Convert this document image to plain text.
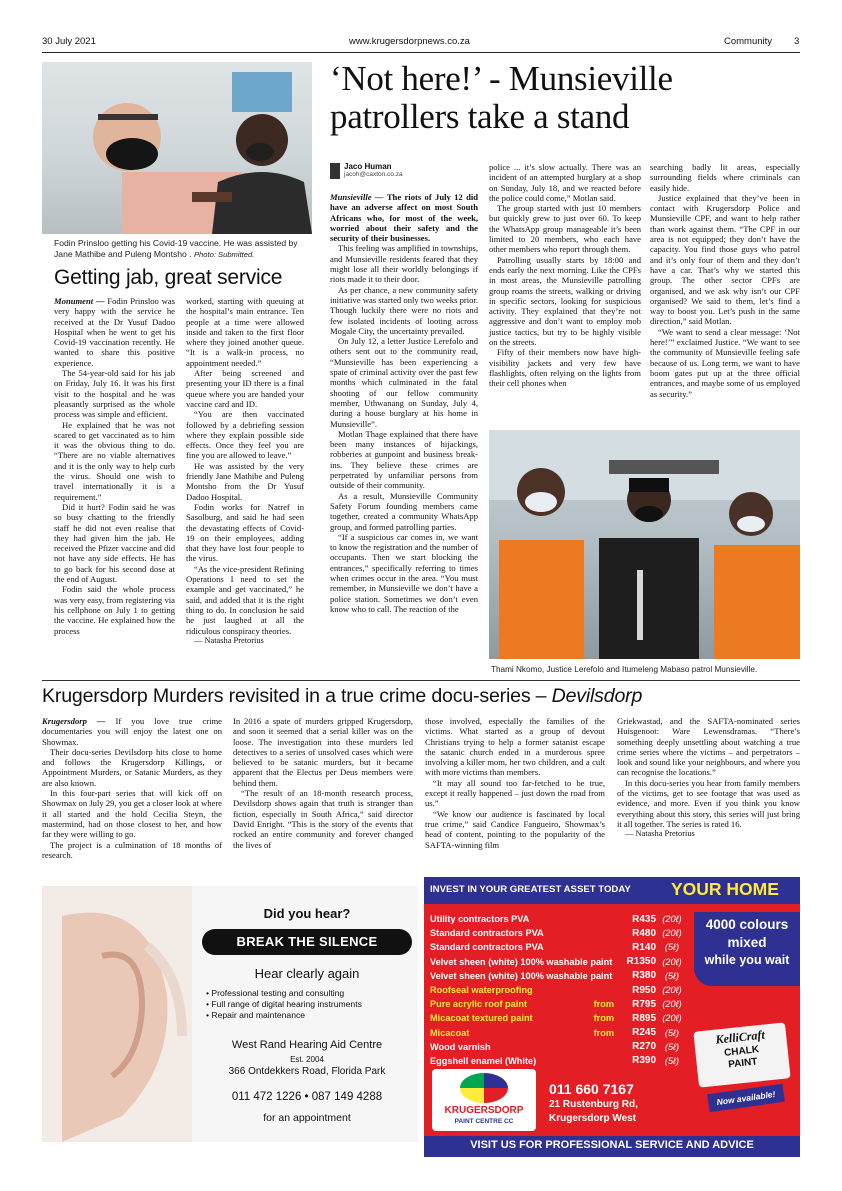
30 July 2021	www.krugersdorpnews.co.za	Community 3
Fodin Prinsloo getting his Covid-19 vaccine. He was assisted by Jane Mathibe and Puleng Montsho . Photo: Submitted.
Getting jab, great service

Monument — Fodin Prinsloo was very happy with the service he received at the Dr Yusuf Dadoo Hospital when he went to get his Covid-19 vaccination recently. He wanted to share this positive experience.

The 54-year-old said for his jab on Friday, July 16. It was his first visit to the hospital and he was pleasantly surprised as the whole process was simple and efficient.

He explained that he was not scared to get vaccinated as to him it was the obvious thing to do. “There are no viable alternatives and it is the only way to help curb the virus. Should one wish to travel internationally it is a requirement.”

Did it hurt? Fodin said he was so busy chatting to the friendly staff he did not even realise that they had given him the jab. He received the Pfizer vaccine and did not have any side effects. He has to go back for his second dose at the end of August.

Fodin said the whole process was very easy, from registering via his cellphone on July 1 to getting the vaccine. He explained how the process

worked, starting with queuing at the hospital’s main entrance. Ten people at a time were allowed inside and taken to the first floor where they joined another queue. “It is a walk-in process, no appointment needed.”

After being screened and presenting your ID there is a final queue where you are handed your vaccine card and ID.

“You are then vaccinated followed by a debriefing session where they explain possible side effects. Once they feel you are fine you are allowed to leave.”

He was assisted by the very friendly Jane Mathibe and Puleng Montsho from the Dr Yusuf Dadoo Hospital.

Fodin works for Natref in Sasolburg, and said he had seen the devastating effects of Covid-19 on their employees, adding that they have lost four people to the virus.

“As the vice-president Refining Operations I need to set the example and get vaccinated,” he said, and added that it is the right thing to do. In conclusion he said he just laughed at all the ridiculous conspiracy theories.

— Natasha Pretorius
‘Not here!’ - Munsieville patrollers take a stand
Jaco Human
jacoh@caxton.co.za

Munsieville — The riots of July 12 did have an adverse affect on most South Africans who, for most of the week, worried about their safety and the security of their businesses.

This feeling was amplified in townships, and Munsieville residents feared that they might lose all their worldly belongings if riots made it to their door.

As per chance, a new community safety initiative was started only two weeks prior. Though luckily there were no riots and few isolated incidents of looting across Mogale City, the uncertainty prevailed.

On July 12, a letter Justice Lerefolo and others sent out to the community read, “Munsieville has been experiencing a spate of criminal activity over the past few months which culminated in the fatal shooting of our fellow community member, Uthwanang on Sunday, July 4, during a house burglary at his home in Munsieville”.

Motlan Thage explained that there have been many instances of hijackings, robberies at gunpoint and business break-ins. They believe these crimes are perpetrated by unfamiliar persons from outside of their community.

As a result, Munsieville Community Safety Forum founding members came together, created a community WhatsApp group, and formed patrolling parties.

“If a suspicious car comes in, we want to know the registration and the number of occupants. Then we start blocking the entrances,” specifically referring to times when crimes occur in the area. “You must remember, in Munsieville we don’t have a police station. Sometimes we don’t even know who to call. The reaction of the

police ... it’s slow actually. There was an incident of an attempted burglary at a shop on Sunday, July 18, and we reacted before the police could come,” Motlan said.

The group started with just 10 members but quickly grew to just over 60. To keep the WhatsApp group manageable it’s been limited to 20 members, who each have other members who report through them.

Patrolling usually starts by 18:00 and ends early the next morning. Like the CPFs in most areas, the Munsieville patrolling group roams the streets, walking or driving in specific sectors, looking for suspicious activity. They explained that they’re not aggressive and don’t want to employ mob justice tactics, but try to be highly visible on the streets.

Fifty of their members now have high-visibility jackets and very few have flashlights, often relying on the lights from their cell phones when

searching badly lit areas, especially surrounding fields where criminals can easily hide.

Justice explained that they’ve been in contact with Krugersdorp Police and Munsieville CPF, and want to help rather than work against them. “The CPF in our area is not equipped; they don’t have the capacity. You find those guys who patrol and it’s only four of them and they don’t have a car. That’s why we started this group. The other sector CPFs are organised, and we ask why isn’t our CPF organised? We said to them, let’s find a way to boost you. Let’s push in the same direction,” said Motlan.

“We want to send a clear message: ‘Not here!’” exclaimed Justice. “We want to see the community of Munsieville feeling safe because of us. Long term, we want to have boom gates put up at the three official entrances, and maybe some of us employed as security.”

Thami Nkomo, Justice Lerefolo and Itumeleng Mabaso patrol Munsieville.
Krugersdorp Murders revisited in a true crime docu-series – Devilsdorp

Krugersdorp — If you love true crime documentaries you will enjoy the latest one on Showmax.

Their docu-series Devilsdorp hits close to home and follows the Krugersdorp Killings, or Appointment Murders, or Satanic Murders, as they are also known.

In this four-part series that will kick off on Showmax on July 29, you get a closer look at where it all started and the hold Cecilia Steyn, the mastermind, had on those closest to her, and how far they were willing to go.

The project is a culmination of 18 months of research.

In 2016 a spate of murders gripped Krugersdorp, and soon it seemed that a serial killer was on the loose. The investigation into these murders led detectives to a series of unsolved cases which were believed to be satanic murders, but it became apparent that the Electus per Deus members were behind them.

“The result of an 18-month research process, Devilsdorp shows again that truth is stranger than fiction, especially in South Africa,” said director David Enright. “This is the story of the events that rocked an entire community and forever changed the lives of

those involved, especially the families of the victims. What started as a group of devout Christians trying to help a former satanist escape the satanic church ended in a murderous spree involving a killer mom, her two children, and a cult with more victims than members.

“It may all sound too far-fetched to be true, except it really happened – just down the road from us.”

“We know our audience is fascinated by local true crime,” said Candice Fangueiro, Showmax’s head of content, pointing to the popularity of the SAFTA-winning film

Griekwastad, and the SAFTA-nominated series Huisgenoot: Ware Lewensdramas. “There’s something deeply unsettling about watching a true crime series where the victims – and perpetrators – look and sound like your neighbours, and where you can recognise the locations.”

In this docu-series you hear from family members of the victims, get to see footage that was used as evidence, and more. Even if you think you know everything about this story, this series will just bring it all together. The series is rated 16.

— Natasha Pretorius
Did you hear?
BREAK THE SILENCE
Hear clearly again
• Professional testing and consulting
• Full range of digital hearing instruments
• Repair and maintenance
West Rand Hearing Aid Centre
Est. 2004
366 Ontdekkers Road, Florida Park
011 472 1226 • 087 149 4288
for an appointment
INVEST IN YOUR GREATEST ASSET TODAY YOUR HOME
Utility contractors PVA	R435 (20ℓ)
Standard contractors PVA	R480 (20ℓ)
Standard contractors PVA	R140 (5ℓ)
Velvet sheen (white) 100% washable paint	R1350 (20ℓ)
Velvet sheen (white) 100% washable paint	R380 (5ℓ)
Roofseal waterproofing	R950 (20ℓ)
Pure acrylic roof paint	from	R795 (20ℓ)
Micacoat textured paint	from	R895 (20ℓ)
Micacoat	from	R245 (5ℓ)
Wood varnish	R270 (5ℓ)
Eggshell enamel (White)	R390 (5ℓ)
4000 colours
mixed
while you wait
KelliCraft
CHALK
PAINT
Now available!
KRUGERSDORP
PAINT CENTRE CC
011 660 7167
21 Rustenburg Rd,
Krugersdorp West
VISIT US FOR PROFESSIONAL SERVICE AND ADVICE
